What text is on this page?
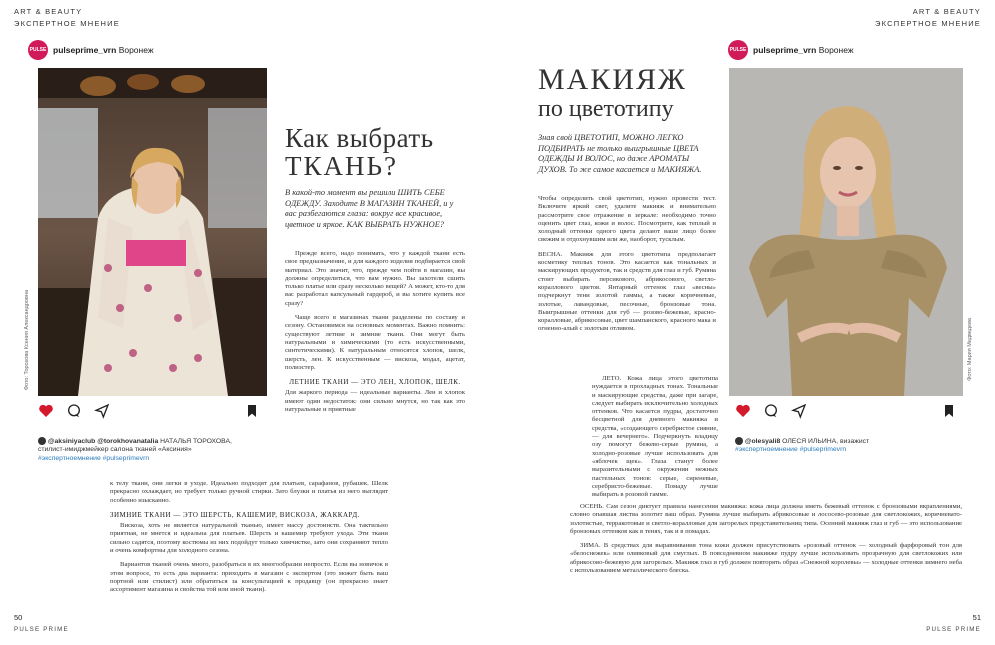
ART & BEAUTY
ЭКСПЕРТНОЕ МНЕНИЕ
PULSE pulseprime_vrn Воронеж
Фото: Торохова Ксения Александровна
@aksiniyaclub @torokhovanatalia НАТАЛЬЯ ТОРОХОВА,
стилист-имиджмейкер салона тканей «Аксиния»
#экспертноемнение #pulseprimevrn
Как выбрать
ТКАНЬ?
В какой-то момент вы решили ШИТЬ СЕБЕ ОДЕЖДУ. Заходите В МАГАЗИН ТКАНЕЙ, и у вас разбегаются глаза: вокруг все красивое, цветное и яркое. КАК ВЫБРАТЬ НУЖНОЕ?

Прежде всего, надо понимать, что у каждой ткани есть свое предназначение, и для каждого изделия подбирается свой материал. Это значит, что, прежде чем пойти в магазин, вы должны определиться, что вам нужно. Вы захотели сшить только платье или сразу несколько вещей? А может, кто-то для вас разработал капсульный гардероб, и вы хотите купить все сразу?

Чаще всего в магазинах ткани разделены по составу и сезону. Остановимся на основных моментах. Важно помнить: существуют летние и зимние ткани. Они могут быть натуральными и химическими (то есть искусственными, синтетическими). К натуральным относятся хлопок, шелк, шерсть, лен. К искусственным — вискоза, модал, ацетат, полиэстер.

ЛЕТНИЕ ТКАНИ — ЭТО ЛЕН, ХЛОПОК, ШЕЛК.

Для жаркого периода — идеальные варианты. Лен и хлопок имеют один недостаток: они сильно мнутся, но так как это натуральные и приятные

к телу ткани, они легки в уходе. Идеально подходят для платьев, сарафанов, рубашек. Шелк прекрасно охлаждает, но требует только ручной стирки. Зато блузки и платья из него выглядят особенно изысканно.

ЗИМНИЕ ТКАНИ — ЭТО ШЕРСТЬ, КАШЕМИР, ВИСКОЗА, ЖАККАРД.

Вискоза, хоть не является натуральной тканью, имеет массу достоинств. Она тактильно приятная, не мнется и идеальна для платьев. Шерсть и кашемир требуют ухода. Эти ткани сильно садятся, поэтому костюмы из них подойдут только химчистке, зато они сохраняют тепло и очень комфортны для холодного сезона.

Вариантов тканей очень много, разобраться в их многообразии непросто. Если вы новичок в этом вопросе, то есть два варианта: приходить в магазин с экспертом (это может быть ваш портной или стилист) или обратиться за консультацией к продавцу (он прекрасно знает ассортимент магазина и свойства той или иной ткани).

50
PULSE PRIME
ART & BEAUTY
ЭКСПЕРТНОЕ МНЕНИЕ
PULSE pulseprime_vrn Воронеж
МАКИЯЖ
по цветотипу
Зная свой ЦВЕТОТИП, МОЖНО ЛЕГКО ПОДБИРАТЬ не только выигрышные ЦВЕТА ОДЕЖДЫ И ВОЛОС, но даже АРОМАТЫ ДУХОВ. То же самое касается и МАКИЯЖА.

Чтобы определить свой цветотип, нужно провести тест. Включите яркий свет, удалите макияж и внимательно рассмотрите свое отражение в зеркале: необходимо точно оценить цвет глаз, кожи и волос. Посмотрите, как теплый и холодный оттенки одного цвета делают ваше лицо более свежим и отдохнувшим или же, наоборот, тусклым.

ВЕСНА. Макияж для этого цветотипа предполагает косметику теплых тонов. Это касается как тональных и маскирующих продуктов, так и средств для глаз и губ. Румяна стоит выбирать персикового, абрикосового, светло-кораллового цветов. Янтарный оттенок глаз «весны» подчеркнут тени золотой гаммы, а также коричневые, золотые, лавандовые, песочные, бронзовые тона. Выигрышные оттенки для губ — розово-бежевые, красно-коралловые, абрикосовые, цвет шампанского, красного мака и огненно-алый с золотым отливом.

ЛЕТО. Кожа лица этого цветотипа нуждается в прохладных тонах. Тональные и маскирующие средства, даже при загаре, следует выбирать исключительно холодных оттенков. Что касается пудры, достаточно бесцветной для дневного макияжа и средства, «создающего серебристое сияние, — для вечернего». Подчеркнуть владицу озу помогут бежево-серые румяна, а холодно-розовые лучше использовать для «яблочек щек». Глаза станут более выразительными с окружении нежных пастельных тонов: серые, сиреневые, серебристо-бежевые. Помаду лучше выбирать в розовой гамме.

Фото: Мария Медведева
@olesyali8 ОЛЕСЯ ИЛЬИНА, визажист
#экспертноемнение #pulseprimevrn

ОСЕНЬ. Сам сезон диктует правила нанесения макияжа: кожа лица должна иметь бежевый оттенок с бронзовыми вкраплениями, словно опавшая листва золотит ваш образ. Румяна лучше выбирать абрикосовые и лососево-розовые для светлокожих, коричневато-золотистые, терракотовые и светло-коралловые для загорелых представительниц типа. Осенний макияж глаз и губ — это использование бронзовых оттенков как в тенях, так и в помадах.

ЗИМА. В средствах для выравнивания тона кожи должен присутствовать «розовый оттенок — холодный фарфоровый тон для «белоснежек» или оливковый для смуглых. В повседневном макияже пудру лучше использовать прозрачную для светлокожих или абрикосово-бежевую для загорелых. Макияж глаз и губ должен повторять образ «Снежной королевы» — холодные оттенки зимнего неба с использованием металлического блеска.

51
PULSE PRIME
